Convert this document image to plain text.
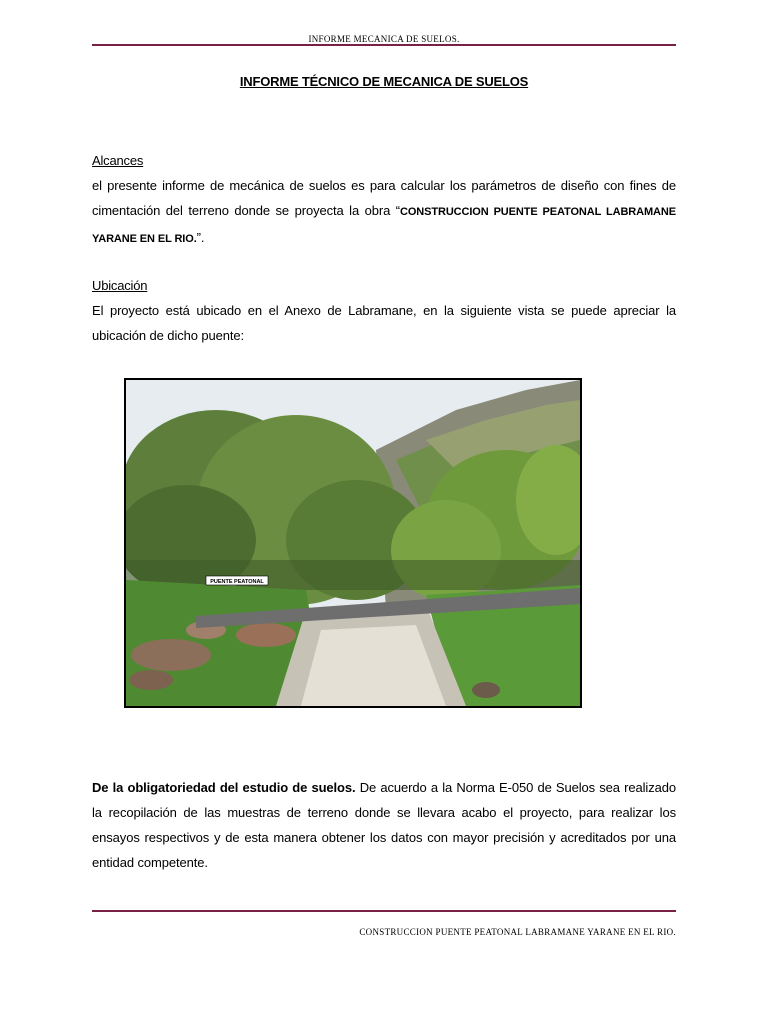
INFORME MECANICA DE SUELOS.
INFORME TÉCNICO DE MECANICA DE SUELOS
Alcances

el presente informe de mecánica de suelos es para calcular los parámetros de diseño con fines de cimentación del terreno donde se proyecta la obra “CONSTRUCCION PUENTE PEATONAL LABRAMANE YARANE EN EL RIO.”.

Ubicación

El proyecto está ubicado en el Anexo de Labramane, en la siguiente vista se puede apreciar la ubicación de dicho puente:

PUENTE PEATONAL

De la obligatoriedad del estudio de suelos. De acuerdo a la Norma E-050 de Suelos sea realizado la recopilación de las muestras de terreno donde se llevara acabo el proyecto, para realizar los ensayos respectivos y de esta manera obtener los datos con mayor precisión y acreditados por una entidad competente.

CONSTRUCCION PUENTE PEATONAL LABRAMANE YARANE EN EL RIO.
